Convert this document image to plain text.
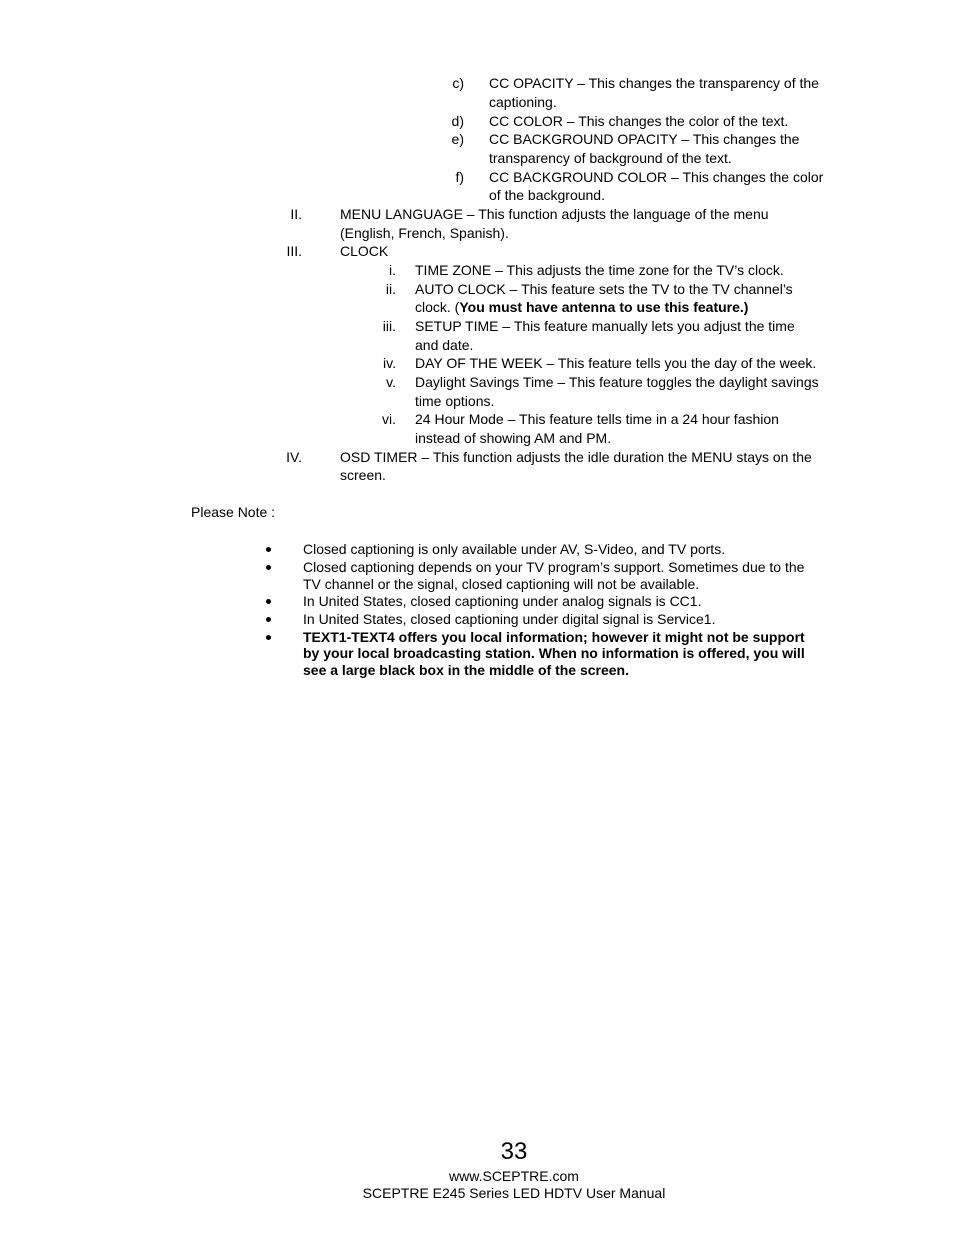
c) CC OPACITY – This changes the transparency of the
captioning.
d) CC COLOR – This changes the color of the text.
e) CC BACKGROUND OPACITY – This changes the
transparency of background of the text.
f) CC BACKGROUND COLOR – This changes the color
of the background.
II.	MENU LANGUAGE – This function adjusts the language of the menu
(English, French, Spanish).
III.	CLOCK
i. TIME ZONE – This adjusts the time zone for the TV’s clock.
ii. AUTO CLOCK – This feature sets the TV to the TV channel’s
clock. (You must have antenna to use this feature.)
iii. SETUP TIME – This feature manually lets you adjust the time
and date.
iv. DAY OF THE WEEK – This feature tells you the day of the week.
v. Daylight Savings Time – This feature toggles the daylight savings
time options.
vi. 24 Hour Mode – This feature tells time in a 24 hour fashion
instead of showing AM and PM.
IV.	OSD TIMER – This function adjusts the idle duration the MENU stays on the
screen.
Please Note :
Closed captioning is only available under AV, S-Video, and TV ports.
Closed captioning depends on your TV program’s support. Sometimes due to the
TV channel or the signal, closed captioning will not be available.
In United States, closed captioning under analog signals is CC1.
In United States, closed captioning under digital signal is Service1.
TEXT1-TEXT4 offers you local information; however it might not be support
by your local broadcasting station. When no information is offered, you will
see a large black box in the middle of the screen.
33
www.SCEPTRE.com
SCEPTRE E245 Series LED HDTV User Manual
